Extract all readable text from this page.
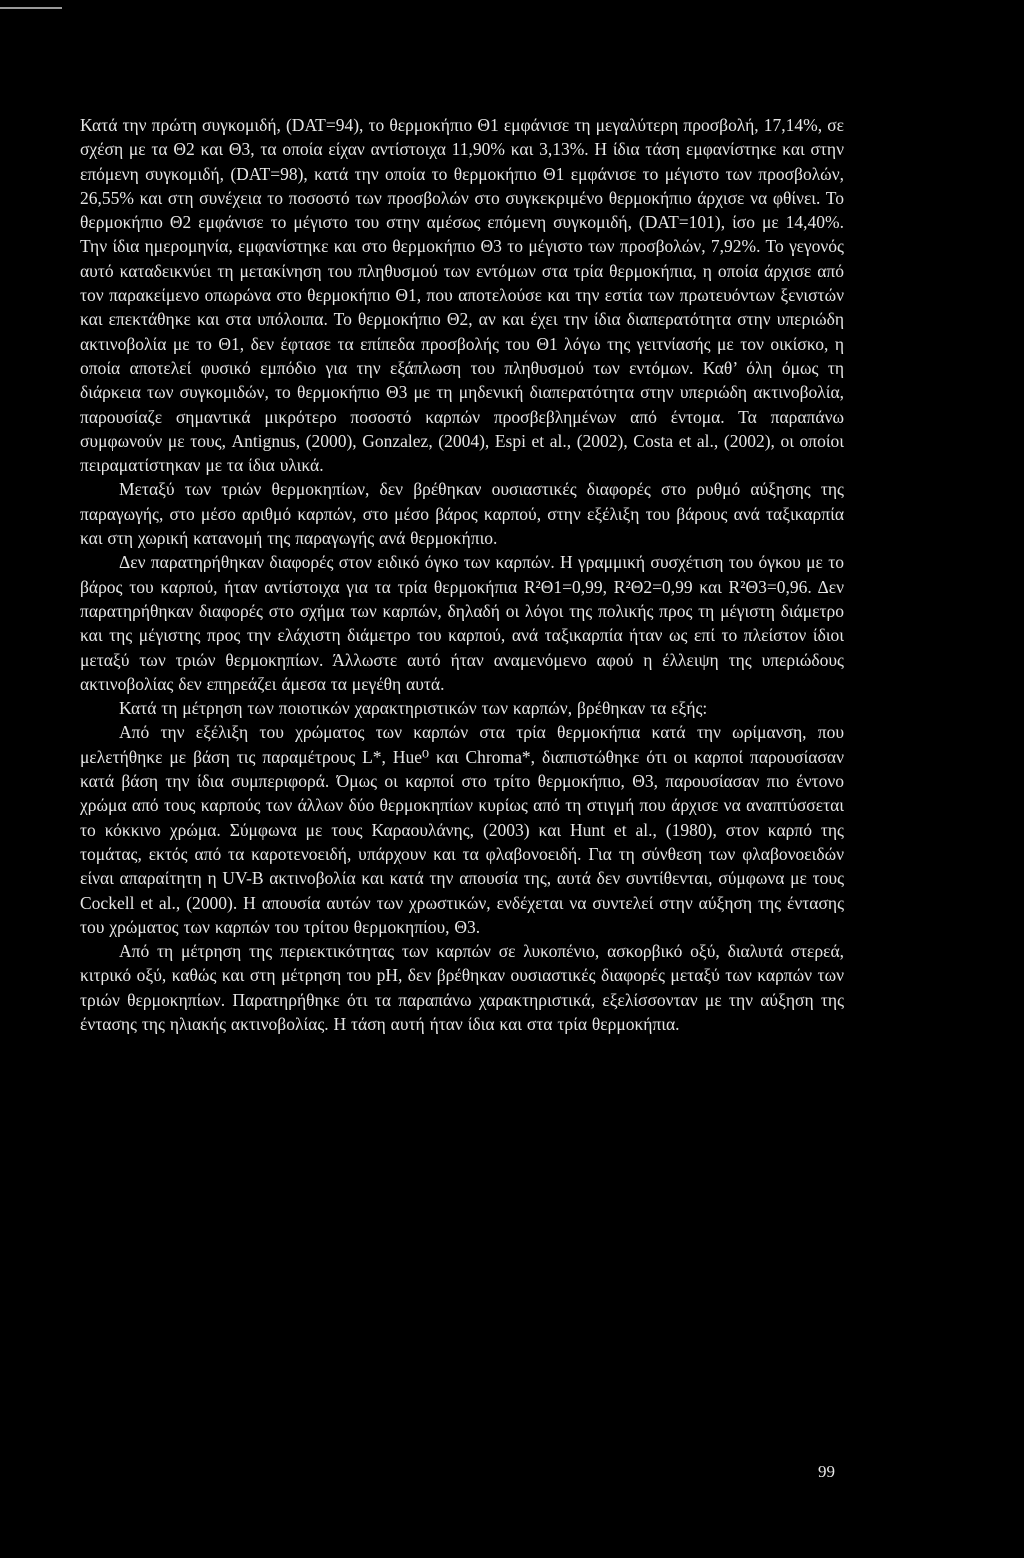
Κατά την πρώτη συγκομιδή, (DAT=94), το θερμοκήπιο Θ1 εμφάνισε τη μεγαλύτερη προσβολή, 17,14%, σε σχέση με τα Θ2 και Θ3, τα οποία είχαν αντίστοιχα 11,90% και 3,13%. Η ίδια τάση εμφανίστηκε και στην επόμενη συγκομιδή, (DAT=98), κατά την οποία το θερμοκήπιο Θ1 εμφάνισε το μέγιστο των προσβολών, 26,55% και στη συνέχεια το ποσοστό των προσβολών στο συγκεκριμένο θερμοκήπιο άρχισε να φθίνει. Το θερμοκήπιο Θ2 εμφάνισε το μέγιστο του στην αμέσως επόμενη συγκομιδή, (DAT=101), ίσο με 14,40%. Την ίδια ημερομηνία, εμφανίστηκε και στο θερμοκήπιο Θ3 το μέγιστο των προσβολών, 7,92%. Το γεγονός αυτό καταδεικνύει τη μετακίνηση του πληθυσμού των εντόμων στα τρία θερμοκήπια, η οποία άρχισε από τον παρακείμενο οπωρώνα στο θερμοκήπιο Θ1, που αποτελούσε και την εστία των πρωτευόντων ξενιστών και επεκτάθηκε και στα υπόλοιπα. Το θερμοκήπιο Θ2, αν και έχει την ίδια διαπερατότητα στην υπεριώδη ακτινοβολία με το Θ1, δεν έφτασε τα επίπεδα προσβολής του Θ1 λόγω της γειτνίασής με τον οικίσκο, η οποία αποτελεί φυσικό εμπόδιο για την εξάπλωση του πληθυσμού των εντόμων. Καθ’ όλη όμως τη διάρκεια των συγκομιδών, το θερμοκήπιο Θ3 με τη μηδενική διαπερατότητα στην υπεριώδη ακτινοβολία, παρουσίαζε σημαντικά μικρότερο ποσοστό καρπών προσβεβλημένων από έντομα. Τα παραπάνω συμφωνούν με τους, Antignus, (2000), Gonzalez, (2004), Espi et al., (2002), Costa et al., (2002), οι οποίοι πειραματίστηκαν με τα ίδια υλικά.

Μεταξύ των τριών θερμοκηπίων, δεν βρέθηκαν ουσιαστικές διαφορές στο ρυθμό αύξησης της παραγωγής, στο μέσο αριθμό καρπών, στο μέσο βάρος καρπού, στην εξέλιξη του βάρους ανά ταξικαρπία και στη χωρική κατανομή της παραγωγής ανά θερμοκήπιο.

Δεν παρατηρήθηκαν διαφορές στον ειδικό όγκο των καρπών. Η γραμμική συσχέτιση του όγκου με το βάρος του καρπού, ήταν αντίστοιχα για τα τρία θερμοκήπια R²Θ1=0,99, R²Θ2=0,99 και R²Θ3=0,96. Δεν παρατηρήθηκαν διαφορές στο σχήμα των καρπών, δηλαδή οι λόγοι της πολικής προς τη μέγιστη διάμετρο και της μέγιστης προς την ελάχιστη διάμετρο του καρπού, ανά ταξικαρπία ήταν ως επί το πλείστον ίδιοι μεταξύ των τριών θερμοκηπίων. Άλλωστε αυτό ήταν αναμενόμενο αφού η έλλειψη της υπεριώδους ακτινοβολίας δεν επηρεάζει άμεσα τα μεγέθη αυτά.

Κατά τη μέτρηση των ποιοτικών χαρακτηριστικών των καρπών, βρέθηκαν τα εξής:

Από την εξέλιξη του χρώματος των καρπών στα τρία θερμοκήπια κατά την ωρίμανση, που μελετήθηκε με βάση τις παραμέτρους L*, Hue⁰ και Chroma*, διαπιστώθηκε ότι οι καρποί παρουσίασαν κατά βάση την ίδια συμπεριφορά. Όμως οι καρποί στο τρίτο θερμοκήπιο, Θ3, παρουσίασαν πιο έντονο χρώμα από τους καρπούς των άλλων δύο θερμοκηπίων κυρίως από τη στιγμή που άρχισε να αναπτύσσεται το κόκκινο χρώμα. Σύμφωνα με τους Καραουλάνης, (2003) και Hunt et al., (1980), στον καρπό της τομάτας, εκτός από τα καροτενοειδή, υπάρχουν και τα φλαβονοειδή. Για τη σύνθεση των φλαβονοειδών είναι απαραίτητη η UV-B ακτινοβολία και κατά την απουσία της, αυτά δεν συντίθενται, σύμφωνα με τους Cockell et al., (2000). Η απουσία αυτών των χρωστικών, ενδέχεται να συντελεί στην αύξηση της έντασης του χρώματος των καρπών του τρίτου θερμοκηπίου, Θ3.

Από τη μέτρηση της περιεκτικότητας των καρπών σε λυκοπένιο, ασκορβικό οξύ, διαλυτά στερεά, κιτρικό οξύ, καθώς και στη μέτρηση του pH, δεν βρέθηκαν ουσιαστικές διαφορές μεταξύ των καρπών των τριών θερμοκηπίων. Παρατηρήθηκε ότι τα παραπάνω χαρακτηριστικά, εξελίσσονταν με την αύξηση της έντασης της ηλιακής ακτινοβολίας. Η τάση αυτή ήταν ίδια και στα τρία θερμοκήπια.

99
